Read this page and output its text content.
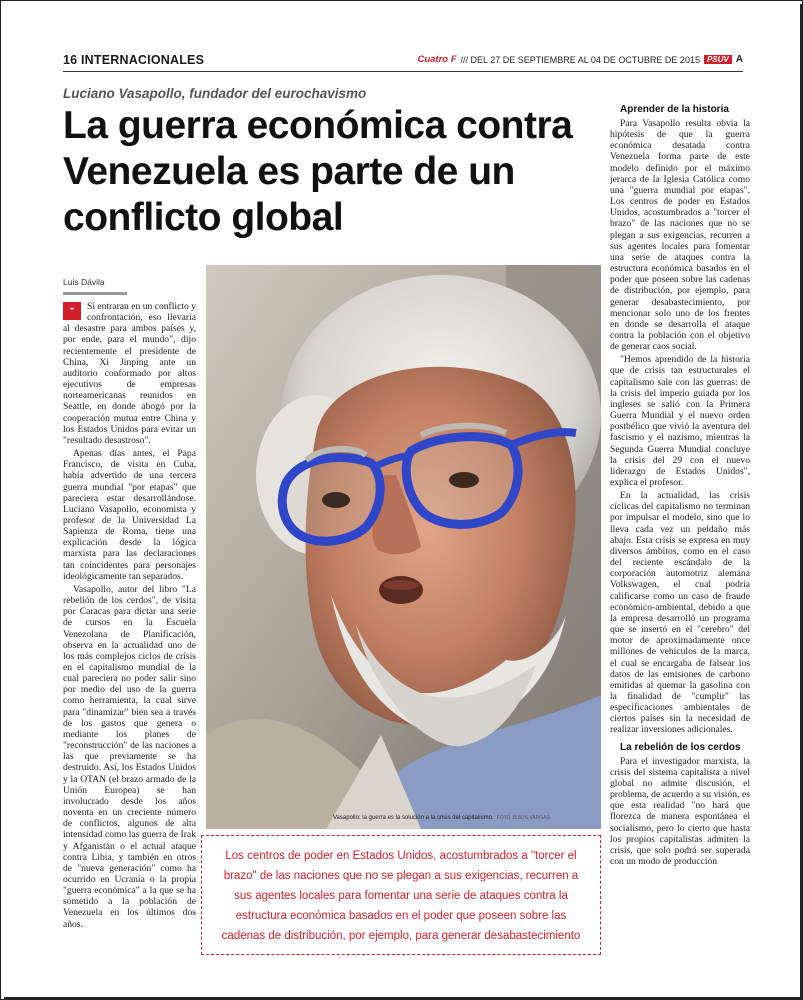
16 INTERNACIONALES	Cuatro F /// DEL 27 DE SEPTIEMBRE AL 04 DE OCTUBRE DE 2015 PSUV A
Luciano Vasapollo, fundador del eurochavismo
La guerra económica contra Venezuela es parte de un conflicto global
Luis Dávila

"	Si entraran en un conflicto y confrontación, eso llevaría al desastre para ambos países y, por ende, para el mundo", dijo recientemente el presidente de China, Xi Jinping ante un auditorio conformado por altos ejecutivos de empresas norteamericanas reunidos en Seattle, en donde abogó por la cooperación mutua entre China y los Estados Unidos para evitar un "resultado desastroso".

Apenas días antes, el Papa Francisco, de visita en Cuba, había advertido de una tercera guerra mundial "por etapas" que pareciera estar desarrollándose. Luciano Vasapollo, economista y profesor de la Universidad La Sapienza de Roma, tiene una explicación desde la lógica marxista para las declaraciones tan coincidentes para personajes ideológicamente tan separados.

Vasapollo, autor del libro "La rebelión de los cerdos", de visita por Caracas para dictar una serie de cursos en la Escuela Venezolana de Planificación, observa en la actualidad uno de los más complejos ciclos de crisis en el capitalismo mundial de la cual pareciera no poder salir sino por medio del uso de la guerra como herramienta, la cual sirve para "dinamizar" bien sea a través de los gastos que genera o mediante los planes de "reconstrucción" de las naciones a las que previamente se ha destruido. Así, los Estados Unidos y la OTAN (el brazo armado de la Unión Europea) se han involucrado desde los años noventa en un creciente número de conflictos, algunos de alta intensidad como las guerra de Irak y Afganistán o el actual ataque contra Libia, y también en otros de "nueva generación" como ha ocurrido en Ucrania o la propia "guerra económica" a la que se ha sometido a la población de Venezuela en los últimos dos años.

Vasapollo: la guerra es la solución a la crisis del capitalismo. FOTO JESÚS VARGAS
Los centros de poder en Estados Unidos, acostumbrados a "torcer el brazo" de las naciones que no se plegan a sus exigencias, recurren a sus agentes locales para fomentar una serie de ataques contra la estructura económica basados en el poder que poseen sobre las cadenas de distribución, por ejemplo, para generar desabastecimiento

Aprender de la historia

Para Vasapollo resulta obvia la hipótesis de que la guerra económica desatada contra Venezuela forma parte de este modelo definido por el máximo jerarca de la Iglesia Católica como una "guerra mundial por etapas". Los centros de poder en Estados Unidos, acostumbrados a "torcer el brazo" de las naciones que no se plegan a sus exigencias, recurren a sus agentes locales para fomentar una serie de ataques contra la estructura económica basados en el poder que poseen sobre las cadenas de distribución, por ejemplo, para generar desabastecimiento, por mencionar solo uno de los frentes en donde se desarrolla el ataque contra la población con el objetivo de generar caos social.

"Hemos aprendido de la historia que de crisis tan estructurales el capitalismo sale con las guerras: de la crisis del imperio guiada por los ingleses se salió con la Primera Guerra Mundial y el nuevo orden postbélico que vivió la aventura del fascismo y el nazismo, mientras la Segunda Guerra Mundial concluye la crisis del 29 con el nuevo liderazgo de Estados Unidos", explica el profesor.

En la actualidad, las crisis cíclicas del capitalismo no terminan por impulsar el modelo, sino que lo lleva cada vez un peldaño más abajo. Esta crisis se expresa en muy diversos ámbitos, como en el caso del reciente escándalo de la corporación automotriz alemana Volkswagen, el cual podría calificarse como un caso de fraude económico-ambiental, debido a que la empresa desarrolló un programa que se insertó en el "cerebro" del motor de aproximadamente once millones de vehículos de la marca, el cual se encargaba de falsear los datos de las emisiones de carbono emitidas al quemar la gasolina con la finalidad de "cumplir" las especificaciones ambientales de ciertos países sin la necesidad de realizar inversiones adicionales.

La rebelión de los cerdos

Para el investigador marxista, la crisis del sistema capitalista a nivel global no admite discusión, el problema, de acuerdo a su visión, es que esta realidad "no hará que florezca de manera espontánea el socialismo, pero lo cierto que hasta los propios capitalistas admiten la crisis, que solo podrá ser superada con un modo de producción
